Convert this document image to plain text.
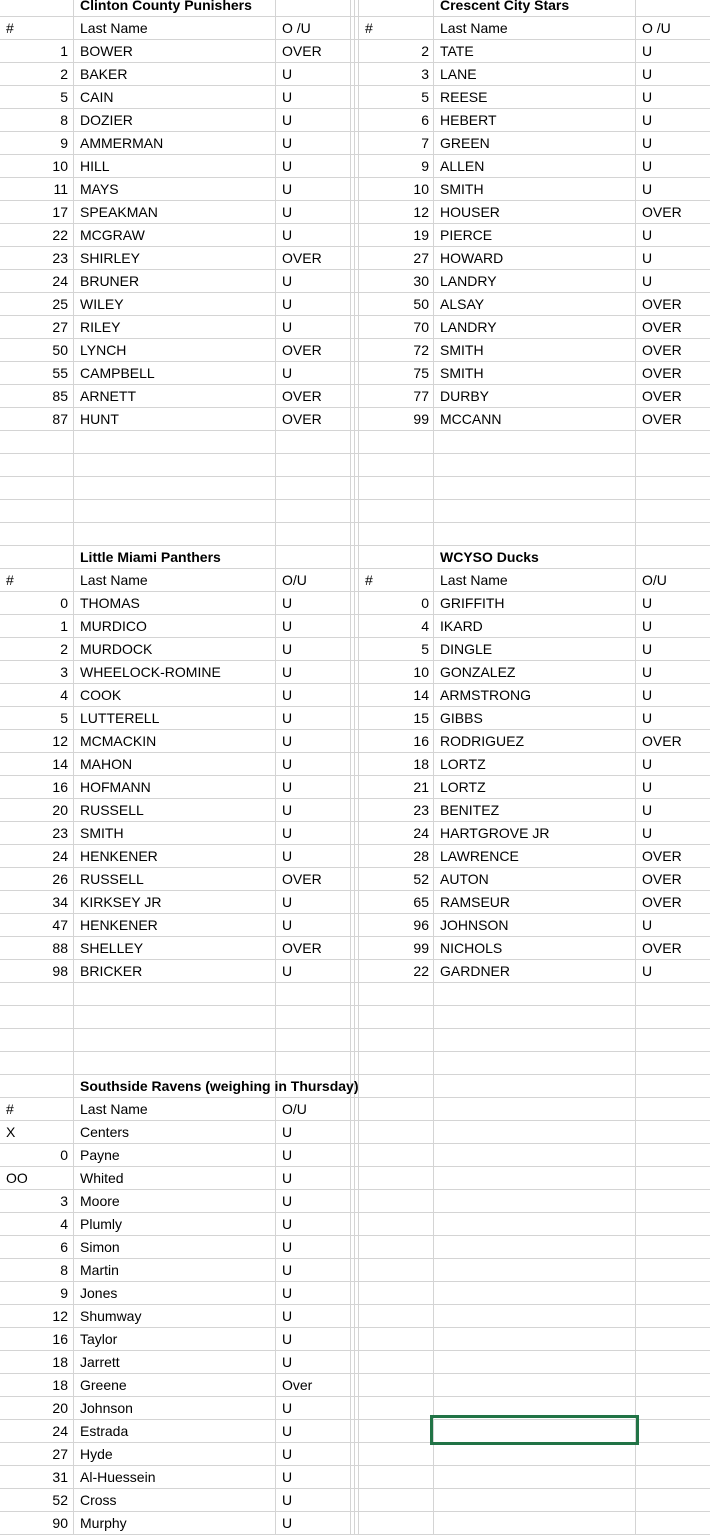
Clinton County Punishers	Crescent City Stars
#	Last Name	O /U	#	Last Name	O /U
1 BOWER	OVER	2 TATE	U
2 BAKER	U	3 LANE	U
5 CAIN	U	5 REESE	U
8 DOZIER	U	6 HEBERT	U
9 AMMERMAN	U	7 GREEN	U
10 HILL	U	9 ALLEN	U
11 MAYS	U	10 SMITH	U
17 SPEAKMAN	U	12 HOUSER	OVER
22 MCGRAW	U	19 PIERCE	U
23 SHIRLEY	OVER	27 HOWARD	U
24 BRUNER	U	30 LANDRY	U
25 WILEY	U	50 ALSAY	OVER
27 RILEY	U	70 LANDRY	OVER
50 LYNCH	OVER	72 SMITH	OVER
55 CAMPBELL	U	75 SMITH	OVER
85 ARNETT	OVER	77 DURBY	OVER
87 HUNT	OVER	99 MCCANN	OVER
Little Miami Panthers	WCYSO Ducks
#	Last Name	O/U	#	Last Name	O/U
0 THOMAS	U	0 GRIFFITH	U
1 MURDICO	U	4 IKARD	U
2 MURDOCK	U	5 DINGLE	U
3 WHEELOCK-ROMINE	U	10 GONZALEZ	U
4 COOK	U	14 ARMSTRONG	U
5 LUTTERELL	U	15 GIBBS	U
12 MCMACKIN	U	16 RODRIGUEZ	OVER
14 MAHON	U	18 LORTZ	U
16 HOFMANN	U	21 LORTZ	U
20 RUSSELL	U	23 BENITEZ	U
23 SMITH	U	24 HARTGROVE JR	U
24 HENKENER	U	28 LAWRENCE	OVER
26 RUSSELL	OVER	52 AUTON	OVER
34 KIRKSEY JR	U	65 RAMSEUR	OVER
47 HENKENER	U	96 JOHNSON	U
88 SHELLEY	OVER	99 NICHOLS	OVER
98 BRICKER	U	22 GARDNER	U
Southside Ravens (weighing in Thursday)
#	Last Name	O/U
X	Centers	U
0 Payne	U
OO	Whited	U
3 Moore	U
4 Plumly	U
6 Simon	U
8 Martin	U
9 Jones	U
12 Shumway	U
16 Taylor	U
18 Jarrett	U
18 Greene	Over
20 Johnson	U
24 Estrada	U
27 Hyde	U
31 Al-Huessein	U
52 Cross	U
90 Murphy	U
